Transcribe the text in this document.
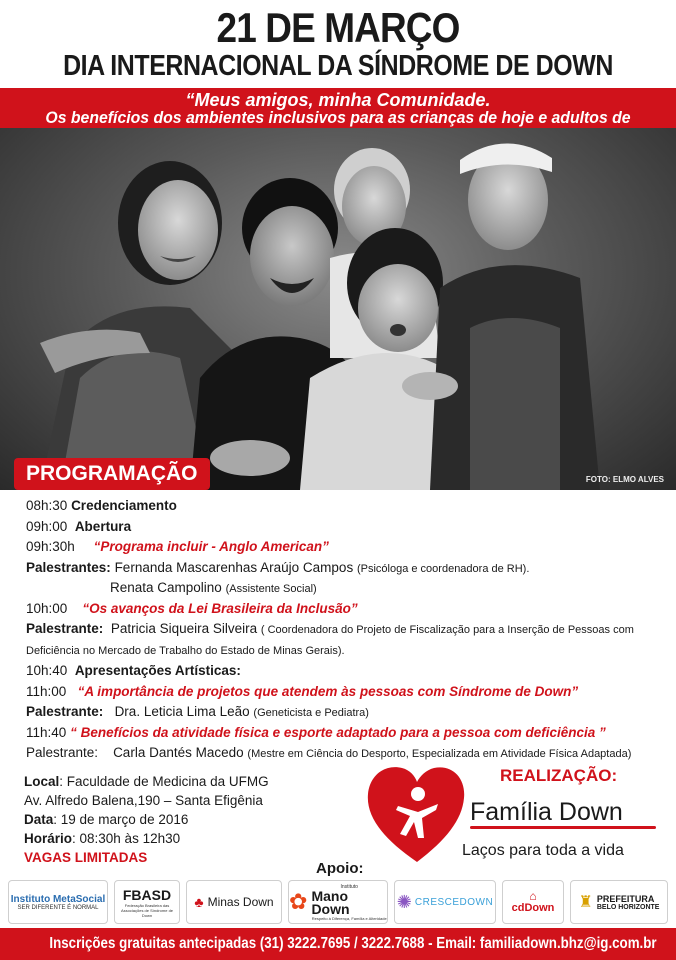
21 DE MARÇO
DIA INTERNACIONAL DA SÍNDROME DE DOWN
“Meus amigos, minha Comunidade.
Os benefícios dos ambientes inclusivos para as crianças de hoje e adultos de
FOTO: ELMO ALVES
PROGRAMAÇÃO
08h:30 Credenciamento
09h:00 Abertura
09h:30h “Programa incluir - Anglo American”
Palestrantes: Fernanda Mascarenhas Araújo Campos (Psicóloga e coordenadora de RH).
Renata Campolino (Assistente Social)
10h:00 “Os avanços da Lei Brasileira da Inclusão”
Palestrante: Patricia Siqueira Silveira ( Coordenadora do Projeto de Fiscalização para a Inserção de Pessoas com Deficiência no Mercado de Trabalho do Estado de Minas Gerais).
10h:40 Apresentações Artísticas:
11h:00 “A importância de projetos que atendem às pessoas com Síndrome de Down”
Palestrante: Dra. Leticia Lima Leão (Geneticista e Pediatra)
11h:40 “ Benefícios da atividade física e esporte adaptado para a pessoa com deficiência ”
Palestrante: Carla Dantés Macedo (Mestre em Ciência do Desporto, Especializada em Atividade Física Adaptada)
Local: Faculdade de Medicina da UFMG
Av. Alfredo Balena,190 – Santa Efigênia
Data: 19 de março de 2016
Horário: 08:30h às 12h30
VAGAS LIMITADAS
REALIZAÇÃO:
Família Down
Laços para toda a vida
Apoio:
Instituto MetaSocial
SER DIFERENTE É NORMAL
FBASD
Federação Brasileira das Associações de Síndrome de Down
♣ Minas Down ✿
Instituto
Mano Down
Respeito à Diferença, Família e Alteridade
✺ CRESCEDOWN	⌂
cdDown ♜ PREFEITURA
BELO HORIZONTE
Inscrições gratuitas antecipadas (31) 3222.7695 / 3222.7688 - Email: familiadown.bhz@ig.com.br
